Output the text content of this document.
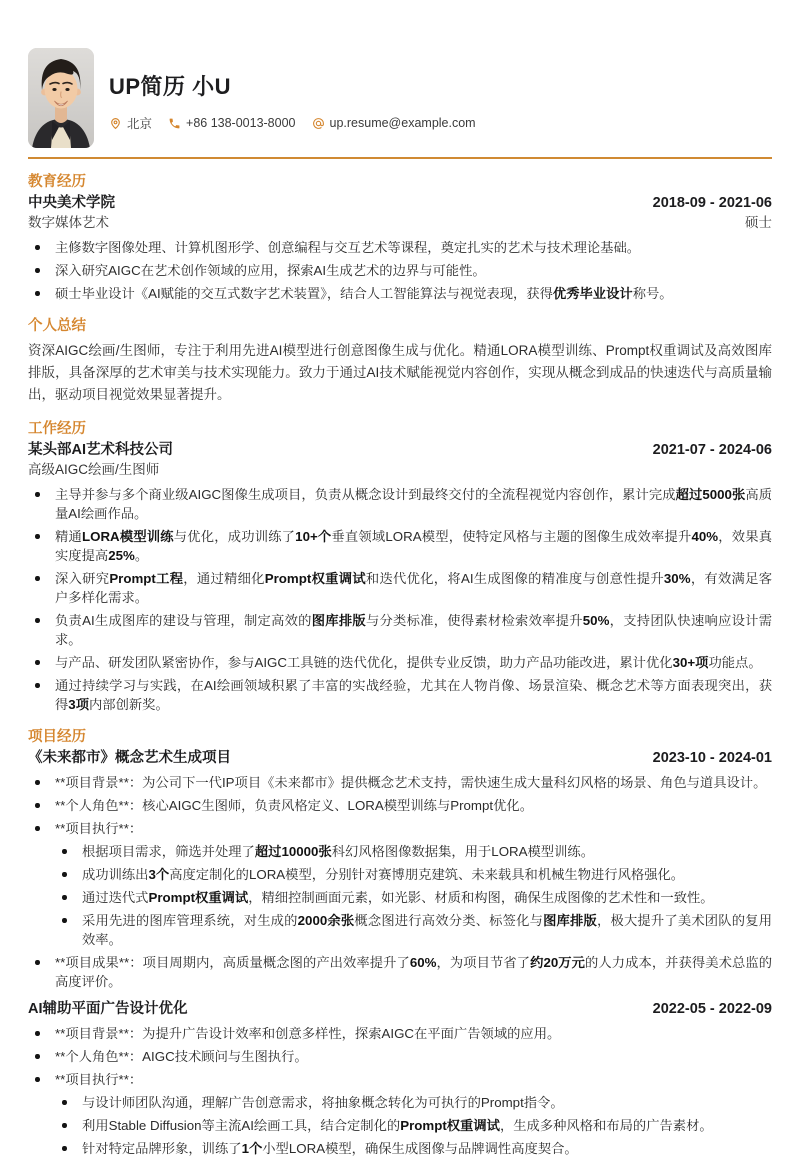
UP简历 小U
北京	+86 138-0013-8000	up.resume@example.com
教育经历
中央美术学院	2018-09 - 2021-06
数字媒体艺术	硕士
主修数字图像处理、计算机图形学、创意编程与交互艺术等课程，奠定扎实的艺术与技术理论基础。
深入研究AIGC在艺术创作领域的应用，探索AI生成艺术的边界与可能性。
硕士毕业设计《AI赋能的交互式数字艺术装置》，结合人工智能算法与视觉表现，获得优秀毕业设计称号。
个人总结
资深AIGC绘画/生图师，专注于利用先进AI模型进行创意图像生成与优化。精通LORA模型训练、Prompt权重调试及高效图库排版，具备深厚的艺术审美与技术实现能力。致力于通过AI技术赋能视觉内容创作，实现从概念到成品的快速迭代与高质量输出，驱动项目视觉效果显著提升。
工作经历
某头部AI艺术科技公司	2021-07 - 2024-06
高级AIGC绘画/生图师
主导并参与多个商业级AIGC图像生成项目，负责从概念设计到最终交付的全流程视觉内容创作，累计完成超过5000张高质量AI绘画作品。
精通LORA模型训练与优化，成功训练了10+个垂直领域LORA模型，使特定风格与主题的图像生成效率提升40%，效果真实度提高25%。
深入研究Prompt工程，通过精细化Prompt权重调试和迭代优化，将AI生成图像的精准度与创意性提升30%，有效满足客户多样化需求。
负责AI生成图库的建设与管理，制定高效的图库排版与分类标准，使得素材检索效率提升50%，支持团队快速响应设计需求。
与产品、研发团队紧密协作，参与AIGC工具链的迭代优化，提供专业反馈，助力产品功能改进，累计优化30+项功能点。
通过持续学习与实践，在AI绘画领域积累了丰富的实战经验，尤其在人物肖像、场景渲染、概念艺术等方面表现突出，获得3项内部创新奖。
项目经历
《未来都市》概念艺术生成项目	2023-10 - 2024-01
**项目背景**：为公司下一代IP项目《未来都市》提供概念艺术支持，需快速生成大量科幻风格的场景、角色与道具设计。
**个人角色**：核心AIGC生图师，负责风格定义、LORA模型训练与Prompt优化。
**项目执行**：
根据项目需求，筛选并处理了超过10000张科幻风格图像数据集，用于LORA模型训练。
成功训练出3个高度定制化的LORA模型，分别针对赛博朋克建筑、未来载具和机械生物进行风格强化。
通过迭代式Prompt权重调试，精细控制画面元素，如光影、材质和构图，确保生成图像的艺术性和一致性。
采用先进的图库管理系统，对生成的2000余张概念图进行高效分类、标签化与图库排版，极大提升了美术团队的复用效率。
**项目成果**：项目周期内，高质量概念图的产出效率提升了60%，为项目节省了约20万元的人力成本，并获得美术总监的高度评价。
AI辅助平面广告设计优化	2022-05 - 2022-09
**项目背景**：为提升广告设计效率和创意多样性，探索AIGC在平面广告领域的应用。
**个人角色**：AIGC技术顾问与生图执行。
**项目执行**：
与设计师团队沟通，理解广告创意需求，将抽象概念转化为可执行的Prompt指令。
利用Stable Diffusion等主流AI绘画工具，结合定制化的Prompt权重调试，生成多种风格和布局的广告素材。
针对特定品牌形象，训练了1个小型LORA模型，确保生成图像与品牌调性高度契合。
